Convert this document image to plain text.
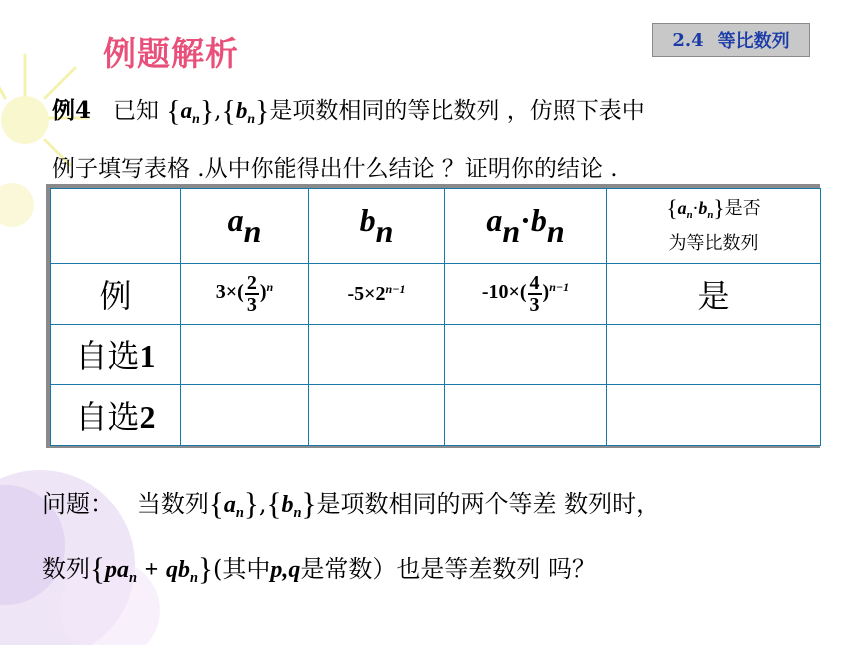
例题解析	2.4 等比数列
例4 已知 $\{a_n\},\{b_n\}$是项数相同的等比数列 ，仿照下表中
例子填写表格 .从中你能得出什么结论 ？证明你的结论 .
	$a_n$	$b_n$	$a_n\cdot b_n$	$\{a_n\cdot b_n\}$是否
为等比数列

例	$3\times( \frac{2}{3} )^n$	$-5\times 2^{n-1}$	$-10\times( \frac{4}{3} )^{n-1}$	是
自选1				
自选2				
问题： 当数列$\{a_n\},\{b_n\}$是项数相同的两个等差 数列时，
数列$\{pa_n + qb_n\}$(其中p,q是常数）也是等差数列 吗？
